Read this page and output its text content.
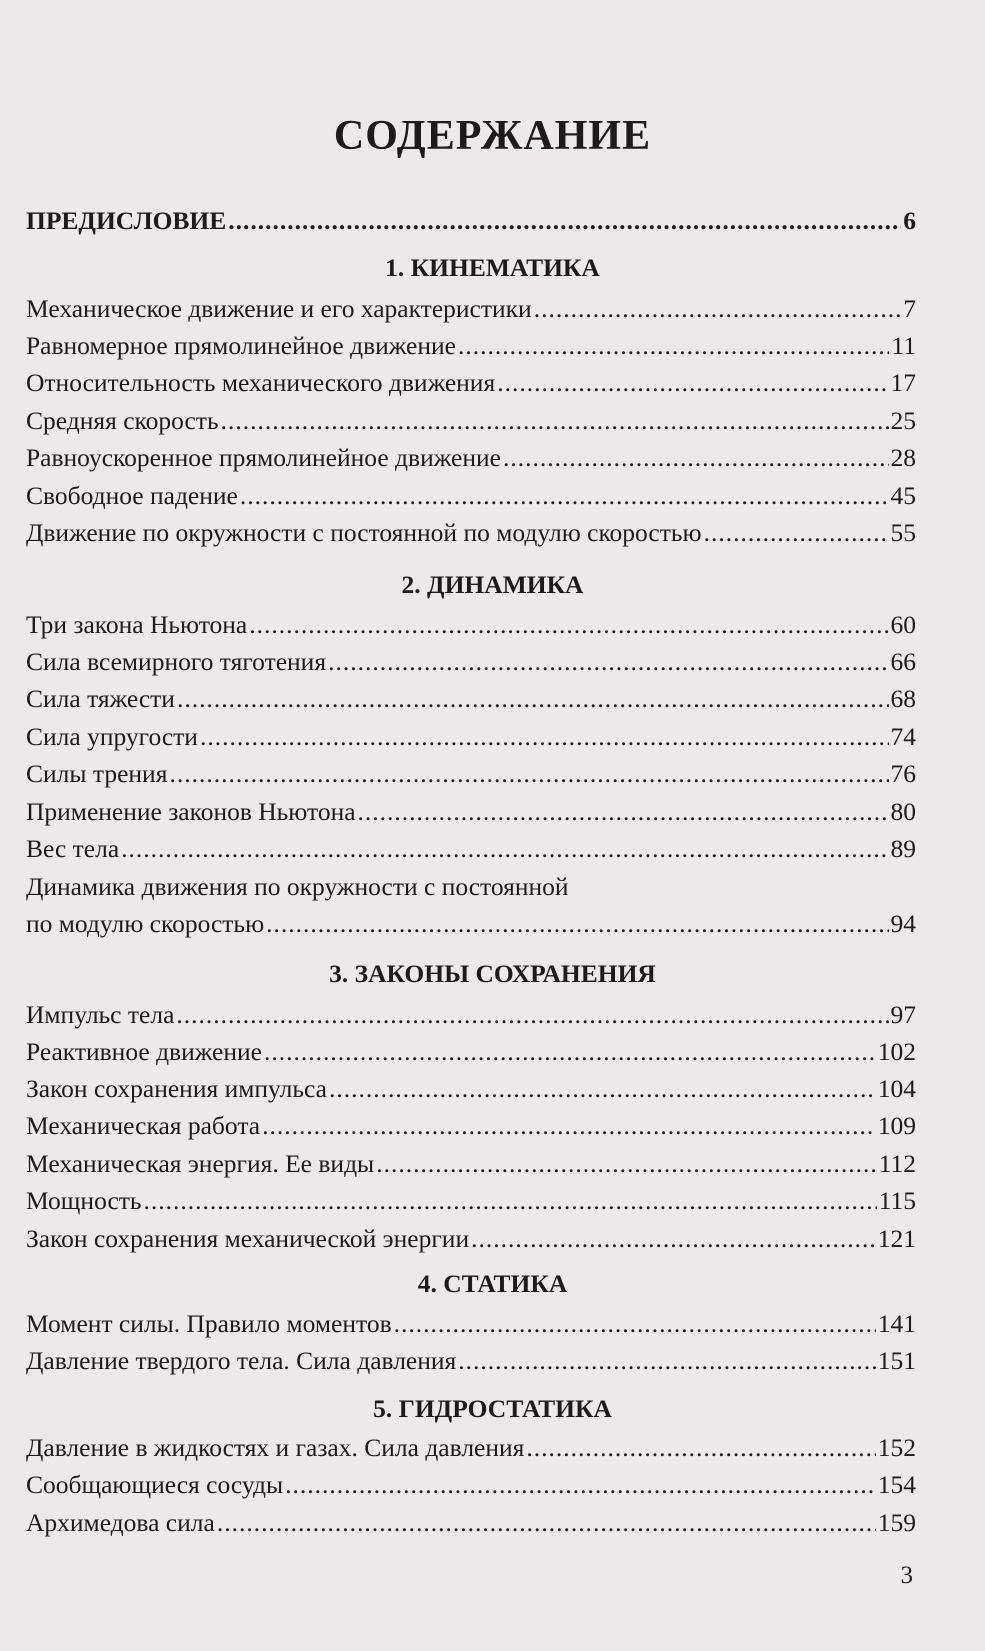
СОДЕРЖАНИЕ
ПРЕДИСЛОВИЕ .....	6
1. КИНЕМАТИКА
Механическое движение и его характеристики .....	7
Равномерное прямолинейное движение .....	11
Относительность механического движения .....	17
Средняя скорость .....	25
Равноускоренное прямолинейное движение .....	28
Свободное падение .....	45
Движение по окружности с постоянной по модулю скоростью .....	55
2. ДИНАМИКА
Три закона Ньютона .....	60
Сила всемирного тяготения .....	66
Сила тяжести .....	68
Сила упругости .....	74
Силы трения .....	76
Применение законов Ньютона .....	80
Вес тела .....	89
Динамика движения по окружности с постоянной
по модулю скоростью .....	94
3. ЗАКОНЫ СОХРАНЕНИЯ
Импульс тела .....	97
Реактивное движение .....	102
Закон сохранения импульса .....	104
Механическая работа .....	109
Механическая энергия. Ее виды .....	112
Мощность .....	115
Закон сохранения механической энергии .....	121
4. СТАТИКА
Момент силы. Правило моментов .....	141
Давление твердого тела. Сила давления .....	151
5. ГИДРОСТАТИКА
Давление в жидкостях и газах. Сила давления .....	152
Сообщающиеся сосуды .....	154
Архимедова сила .....	159
3
